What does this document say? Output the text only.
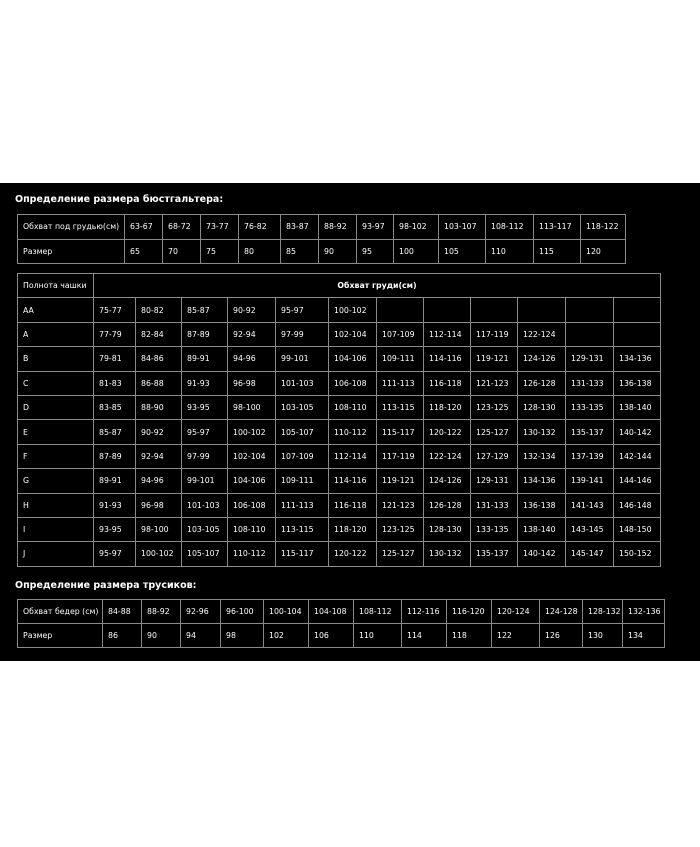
Определение размера бюстгальтера:
Обхват под грудью(см)	63-67	68-72	73-77	76-82	83-87	88-92	93-97	98-102	103-107	108-112	113-117	118-122
Размер	65	70	75	80	85	90	95	100	105	110	115	120
Полнота чашки	Обхват груди(см)											
AA	75-77	80-82	85-87	90-92	95-97	100-102						
A	77-79	82-84	87-89	92-94	97-99	102-104	107-109	112-114	117-119	122-124		
B	79-81	84-86	89-91	94-96	99-101	104-106	109-111	114-116	119-121	124-126	129-131	134-136
C	81-83	86-88	91-93	96-98	101-103	106-108	111-113	116-118	121-123	126-128	131-133	136-138
D	83-85	88-90	93-95	98-100	103-105	108-110	113-115	118-120	123-125	128-130	133-135	138-140
E	85-87	90-92	95-97	100-102	105-107	110-112	115-117	120-122	125-127	130-132	135-137	140-142
F	87-89	92-94	97-99	102-104	107-109	112-114	117-119	122-124	127-129	132-134	137-139	142-144
G	89-91	94-96	99-101	104-106	109-111	114-116	119-121	124-126	129-131	134-136	139-141	144-146
H	91-93	96-98	101-103	106-108	111-113	116-118	121-123	126-128	131-133	136-138	141-143	146-148
I	93-95	98-100	103-105	108-110	113-115	118-120	123-125	128-130	133-135	138-140	143-145	148-150
J	95-97	100-102	105-107	110-112	115-117	120-122	125-127	130-132	135-137	140-142	145-147	150-152
Определение размера трусиков:
Обхват бедер (см)	84-88	88-92	92-96	96-100	100-104	104-108	108-112	112-116	116-120	120-124	124-128	128-132	132-136
Размер	86	90	94	98	102	106	110	114	118	122	126	130	134
